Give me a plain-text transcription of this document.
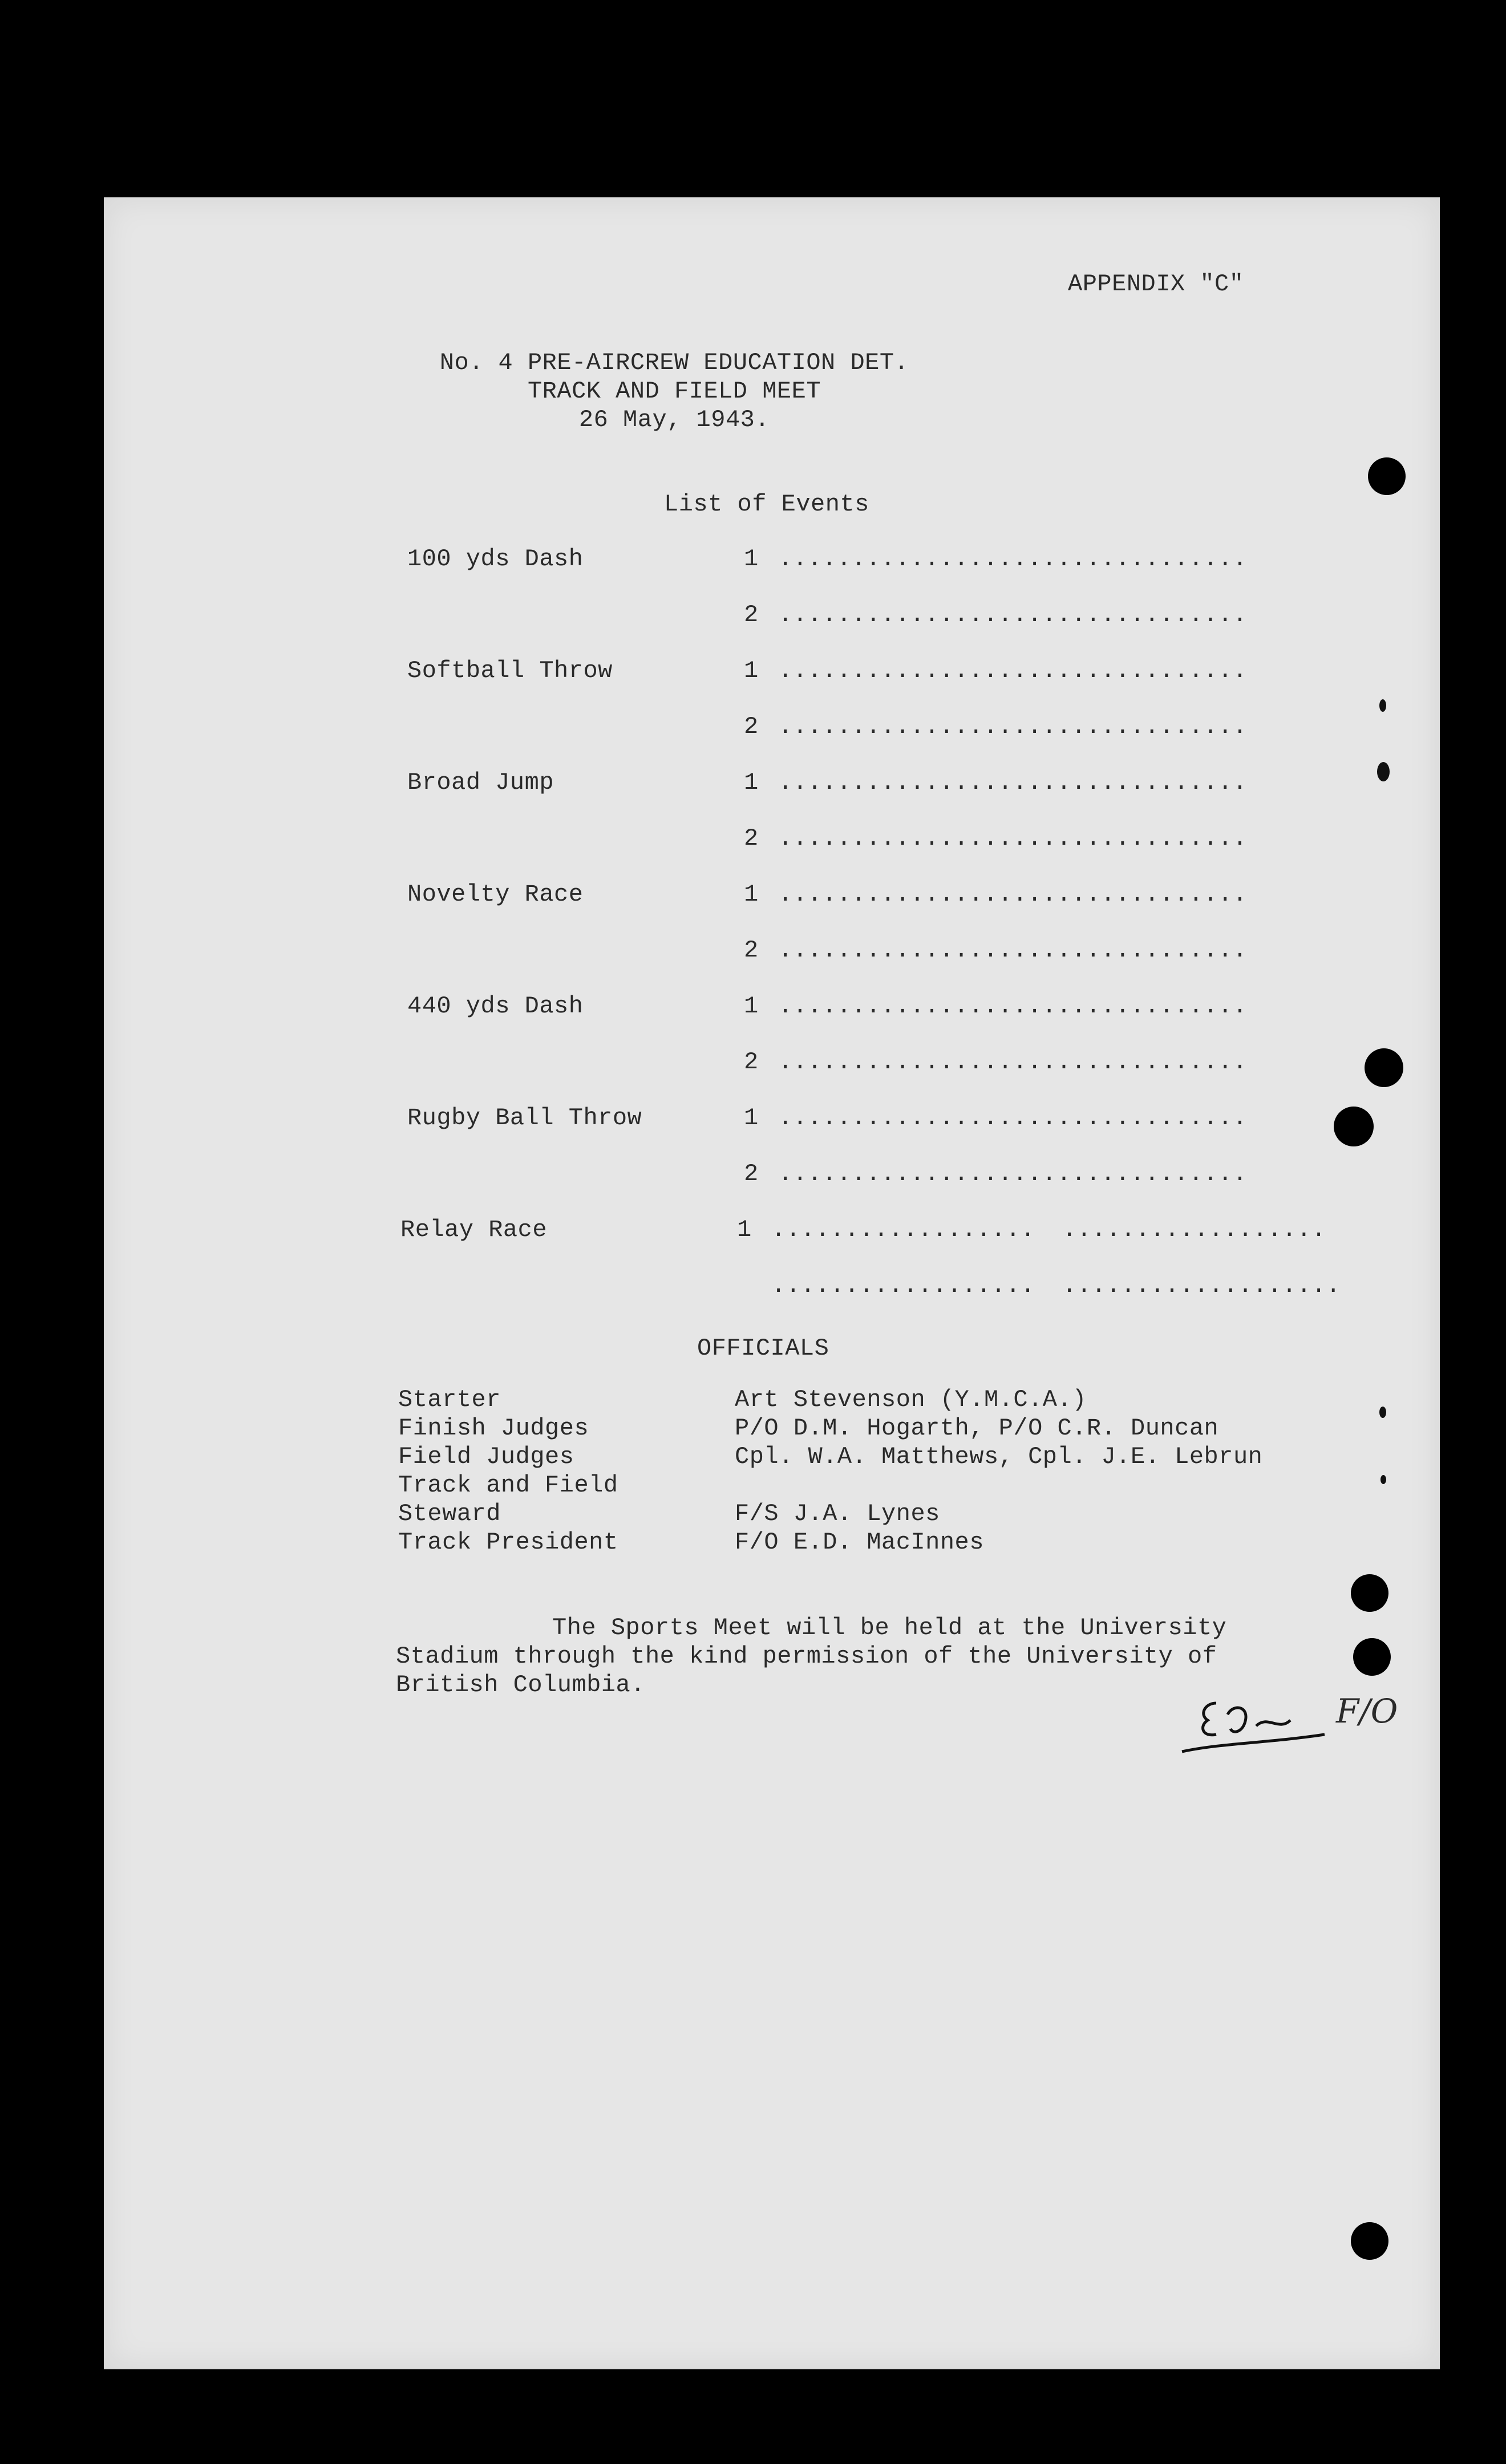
APPENDIX "C"
No. 4 PRE-AIRCREW EDUCATION DET.
TRACK AND FIELD MEET
26 May, 1943.
List of Events
100 yds Dash	1 ................................
2 ................................
Softball Throw	1 ................................
2 ................................
Broad Jump	1 ................................
2 ................................
Novelty Race	1 ................................
2 ................................
440 yds Dash	1 ................................
2 ................................
Rugby Ball Throw	1 ................................
2 ................................
Relay Race	1 .................. ..................
.................. ...................
OFFICIALS
Starter	Art Stevenson (Y.M.C.A.)
Finish Judges	P/O D.M. Hogarth, P/O C.R. Duncan
Field Judges	Cpl. W.A. Matthews, Cpl. J.E. Lebrun
Track and Field
Steward	F/S J.A. Lynes
Track President	F/O E.D. MacInnes
The Sports Meet will be held at the University
Stadium through the kind permission of the University of
British Columbia.
F/O
